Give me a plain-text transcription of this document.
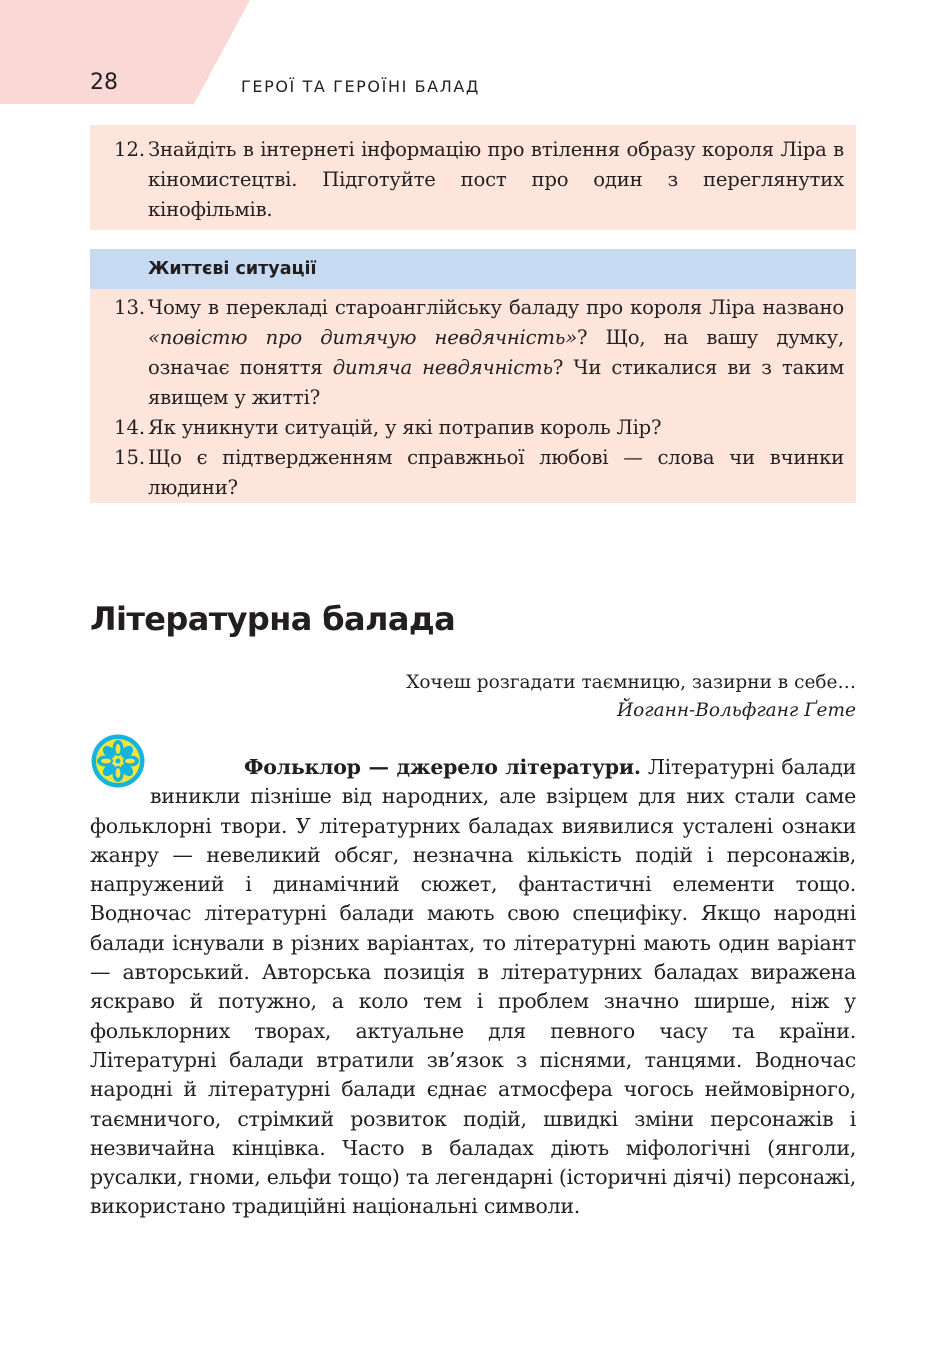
28	ГЕРОЇ ТА ГЕРОЇНІ БАЛАД
12. Знайдіть в інтернеті інформацію про втілення образу короля Ліра в кіномистецтві. Підготуйте пост про один з переглянутих кінофільмів.
Життєві ситуації
13. Чому в перекладі староанглійську баладу про короля Ліра названо «повістю про дитячую невдячність»? Що, на вашу думку, означає поняття дитяча невдячність? Чи стикалися ви з таким явищем у житті?
14. Як уникнути ситуацій, у які потрапив король Лір?
15. Що є підтвердженням справжньої любові — слова чи вчинки людини?
Літературна балада
Хочеш розгадати таємницю, зазирни в себе…
Йоганн-Вольфганг Ґете
Фольклор — джерело літератури. Літературні балади виникли пізніше від народних, але взірцем для них стали саме фольклорні твори. У літературних баладах виявилися усталені ознаки жанру — невеликий обсяг, незначна кількість подій і персонажів, напружений і динамічний сюжет, фантастичні елементи тощо. Водночас літературні балади мають свою специфіку. Якщо народні балади існували в різних варіантах, то літературні мають один варіант — авторський. Авторська позиція в літературних баладах виражена яскраво й потужно, а коло тем і проблем значно ширше, ніж у фольклорних творах, актуальне для певного часу та країни. Літературні балади втратили зв’язок з піснями, танцями. Водночас народні й літературні балади єднає атмосфера чогось неймовірного, таємничого, стрімкий розвиток подій, швидкі зміни персонажів і незвичайна кінцівка. Часто в баладах діють міфологічні (янголи, русалки, гноми, ельфи тощо) та легендарні (історичні діячі) персонажі, використано традиційні національні символи.
